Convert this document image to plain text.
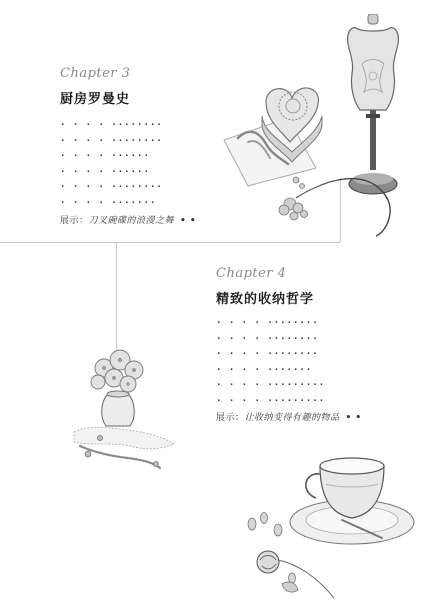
Chapter 3
厨房罗曼史
. . . . ........
. . . . ........
. . . . ......
. . . . ......
. . . . ........
. . . . .......
展示：刀叉碗碟的浪漫之舞 • •
Chapter 4
精致的收纳哲学
. . . . ........
. . . . ........
. . . . ........
. . . . .......
. . . . .........
. . . . .........
展示：让收纳变得有趣的物品 • •
